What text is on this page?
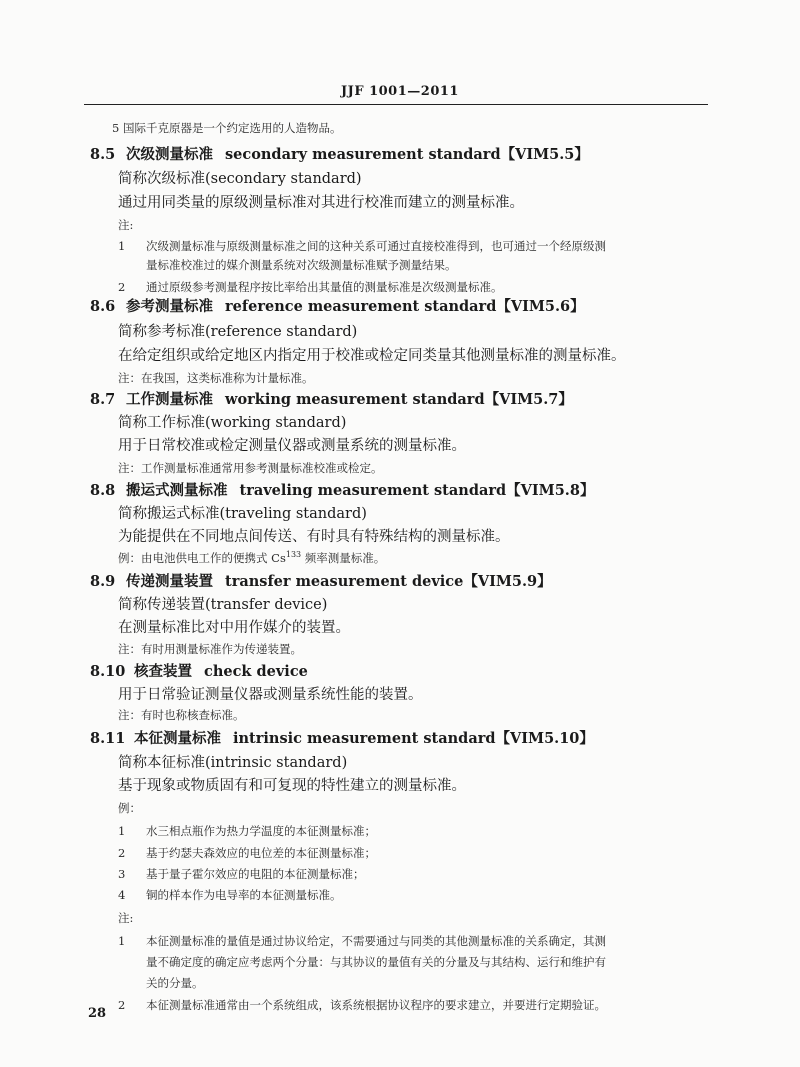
JJF 1001—2011
5 国际千克原器是一个约定选用的人造物品。
8.5 次级测量标准 secondary measurement standard【VIM5.5】
简称次级标准(secondary standard)
通过用同类量的原级测量标准对其进行校准而建立的测量标准。
注:
1 次级测量标准与原级测量标准之间的这种关系可通过直接校准得到，也可通过一个经原级测
量标准校准过的媒介测量系统对次级测量标准赋予测量结果。
2 通过原级参考测量程序按比率给出其量值的测量标准是次级测量标准。
8.6 参考测量标准 reference measurement standard【VIM5.6】
简称参考标准(reference standard)
在给定组织或给定地区内指定用于校准或检定同类量其他测量标准的测量标准。
注：在我国，这类标准称为计量标准。
8.7 工作测量标准 working measurement standard【VIM5.7】
简称工作标准(working standard)
用于日常校准或检定测量仪器或测量系统的测量标准。
注：工作测量标准通常用参考测量标准校准或检定。
8.8 搬运式测量标准 traveling measurement standard【VIM5.8】
简称搬运式标准(traveling standard)
为能提供在不同地点间传送、有时具有特殊结构的测量标准。
例：由电池供电工作的便携式 Cs$^{133}$ 频率测量标准。
8.9 传递测量装置 transfer measurement device【VIM5.9】
简称传递装置(transfer device)
在测量标准比对中用作媒介的装置。
注：有时用测量标准作为传递装置。
8.10 核查装置 check device
用于日常验证测量仪器或测量系统性能的装置。
注：有时也称核查标准。
8.11 本征测量标准 intrinsic measurement standard【VIM5.10】
简称本征标准(intrinsic standard)
基于现象或物质固有和可复现的特性建立的测量标准。
例：
1 水三相点瓶作为热力学温度的本征测量标准；
2 基于约瑟夫森效应的电位差的本征测量标准；
3 基于量子霍尔效应的电阻的本征测量标准；
4 铜的样本作为电导率的本征测量标准。
注:
1 本征测量标准的量值是通过协议给定，不需要通过与同类的其他测量标准的关系确定，其测
量不确定度的确定应考虑两个分量：与其协议的量值有关的分量及与其结构、运行和维护有
关的分量。
2 本征测量标准通常由一个系统组成，该系统根据协议程序的要求建立，并要进行定期验证。
28
